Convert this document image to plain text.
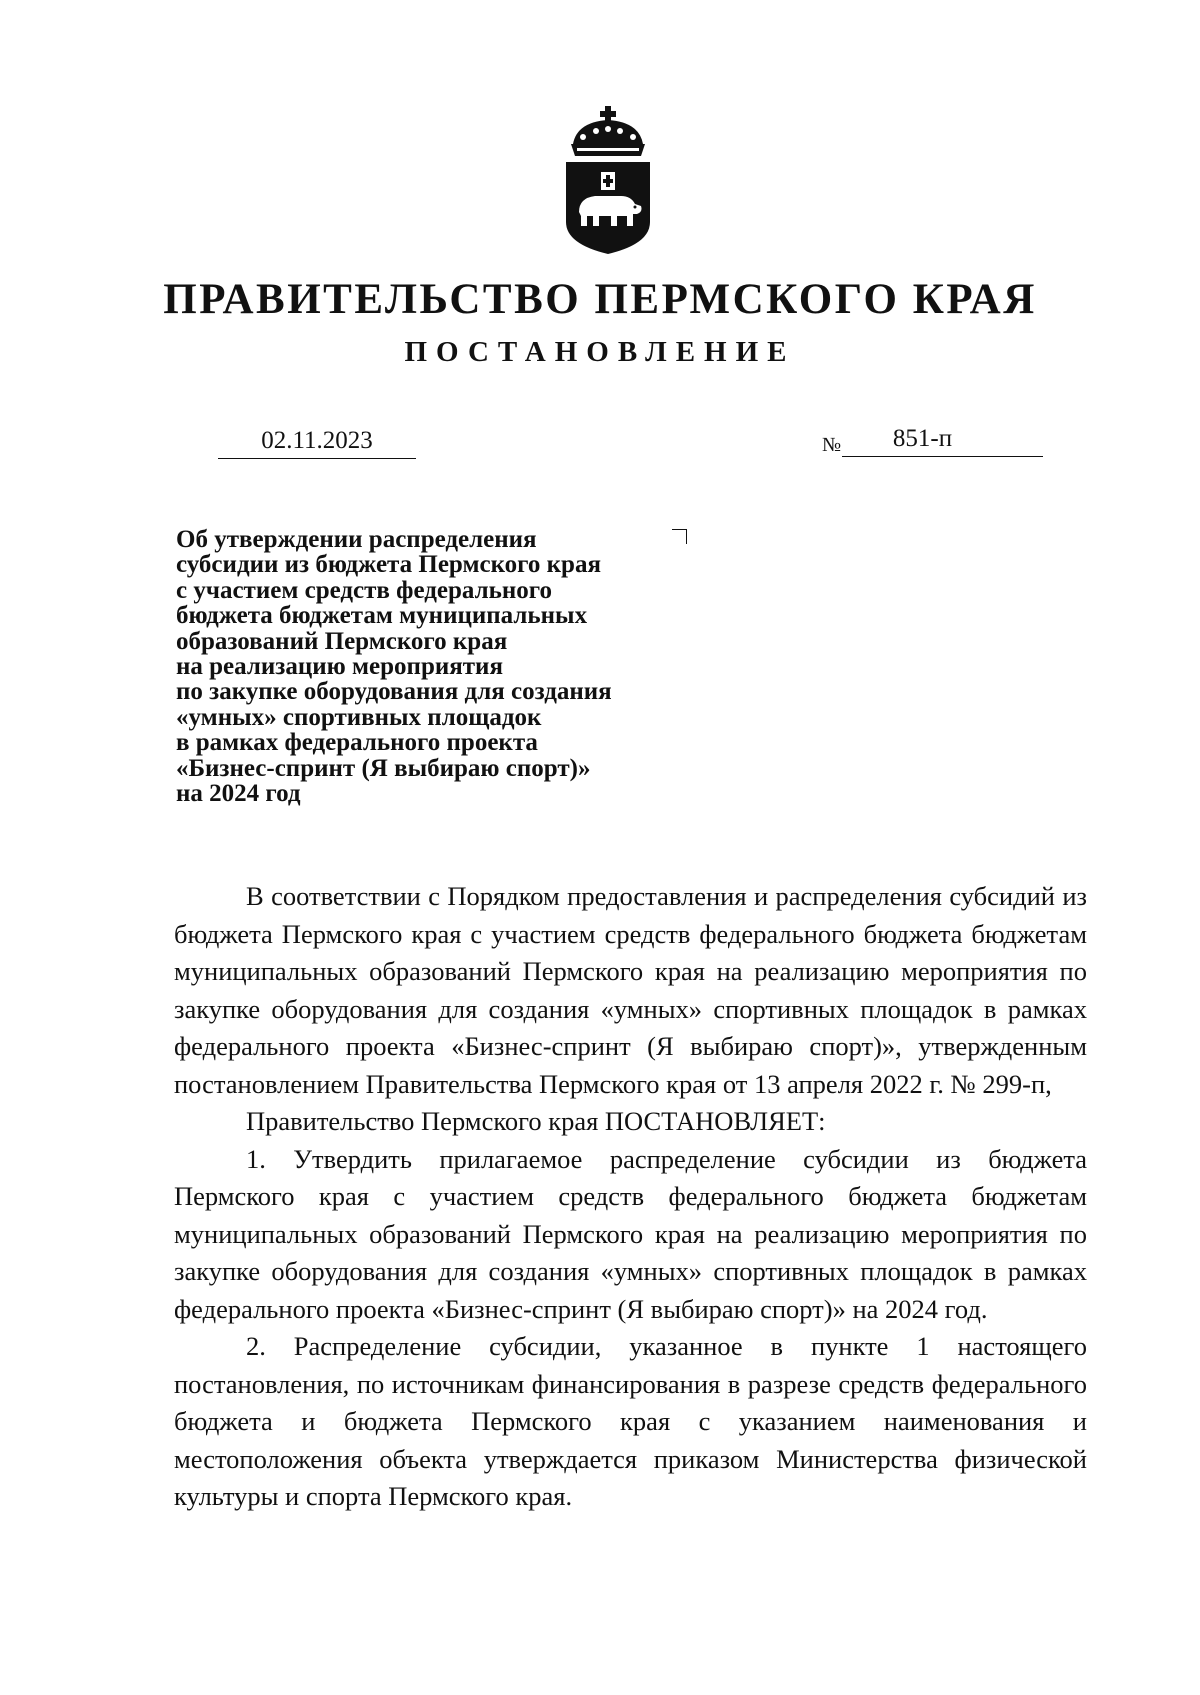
ПРАВИТЕЛЬСТВО ПЕРМСКОГО КРАЯ
ПОСТАНОВЛЕНИЕ
02.11.2023	№	851-п
Об утверждении распределения
субсидии из бюджета Пермского края
с участием средств федерального
бюджета бюджетам муниципальных
образований Пермского края
на реализацию мероприятия
по закупке оборудования для создания
«умных» спортивных площадок
в рамках федерального проекта
«Бизнес-спринт (Я выбираю спорт)»
на 2024 год

В соответствии с Порядком предоставления и распределения субсидий из бюджета Пермского края с участием средств федерального бюджета бюджетам муниципальных образований Пермского края на реализацию мероприятия по закупке оборудования для создания «умных» спортивных площадок в рамках федерального проекта «Бизнес-спринт (Я выбираю спорт)», утвержденным постановлением Правительства Пермского края от 13 апреля 2022 г. № 299-п,

Правительство Пермского края ПОСТАНОВЛЯЕТ:

1. Утвердить прилагаемое распределение субсидии из бюджета Пермского края с участием средств федерального бюджета бюджетам муниципальных образований Пермского края на реализацию мероприятия по закупке оборудования для создания «умных» спортивных площадок в рамках федерального проекта «Бизнес-спринт (Я выбираю спорт)» на 2024 год.

2. Распределение субсидии, указанное в пункте 1 настоящего постановления, по источникам финансирования в разрезе средств федерального бюджета и бюджета Пермского края с указанием наименования и местоположения объекта утверждается приказом Министерства физической культуры и спорта Пермского края.
